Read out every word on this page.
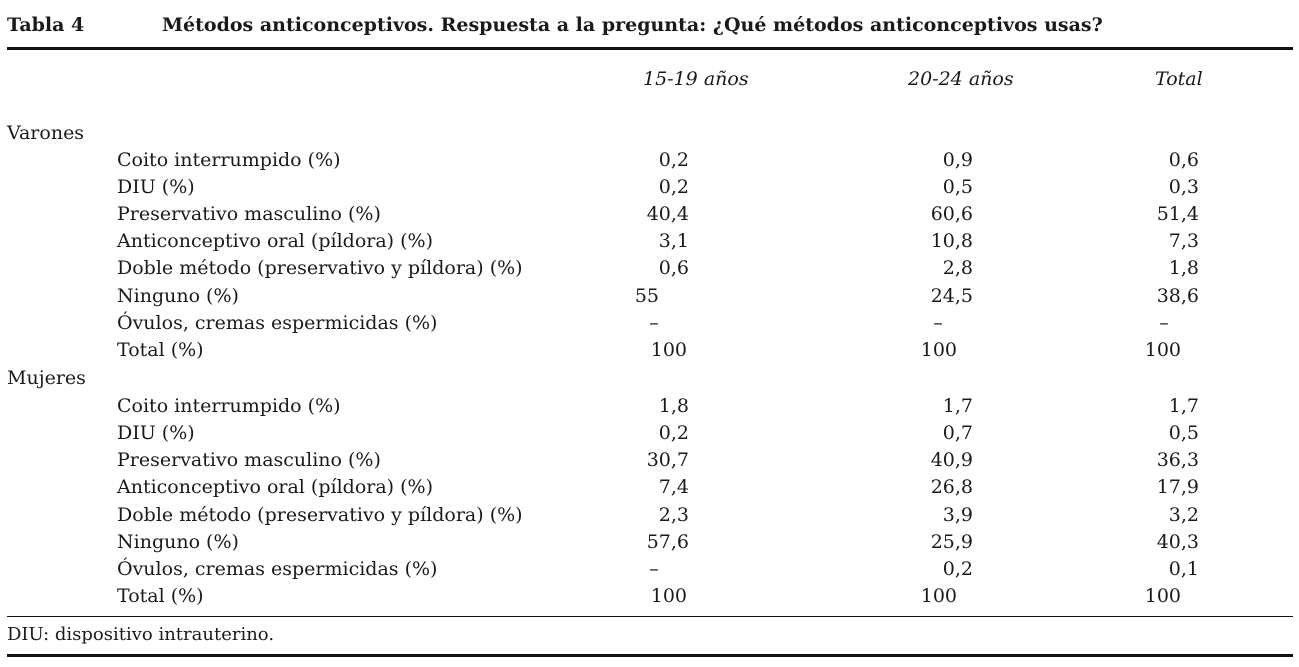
Tabla 4	Métodos anticonceptivos. Respuesta a la pregunta: ¿Qué métodos anticonceptivos usas?
15-19 años	20-24 años	Total
Varones
Coito interrumpido (%)	0,2	0,9	0,6
DIU (%)	0,2	0,5	0,3
Preservativo masculino (%)	40,4	60,6	51,4
Anticonceptivo oral (píldora) (%)	3,1	10,8	7,3
Doble método (preservativo y píldora) (%)	0,6	2,8	1,8
Ninguno (%)	55	24,5	38,6
Óvulos, cremas espermicidas (%)	–	–	–
Total (%)	100	100	100
Mujeres
Coito interrumpido (%)	1,8	1,7	1,7
DIU (%)	0,2	0,7	0,5
Preservativo masculino (%)	30,7	40,9	36,3
Anticonceptivo oral (píldora) (%)	7,4	26,8	17,9
Doble método (preservativo y píldora) (%)	2,3	3,9	3,2
Ninguno (%)	57,6	25,9	40,3
Óvulos, cremas espermicidas (%)	–	0,2	0,1
Total (%)	100	100	100
DIU: dispositivo intrauterino.
